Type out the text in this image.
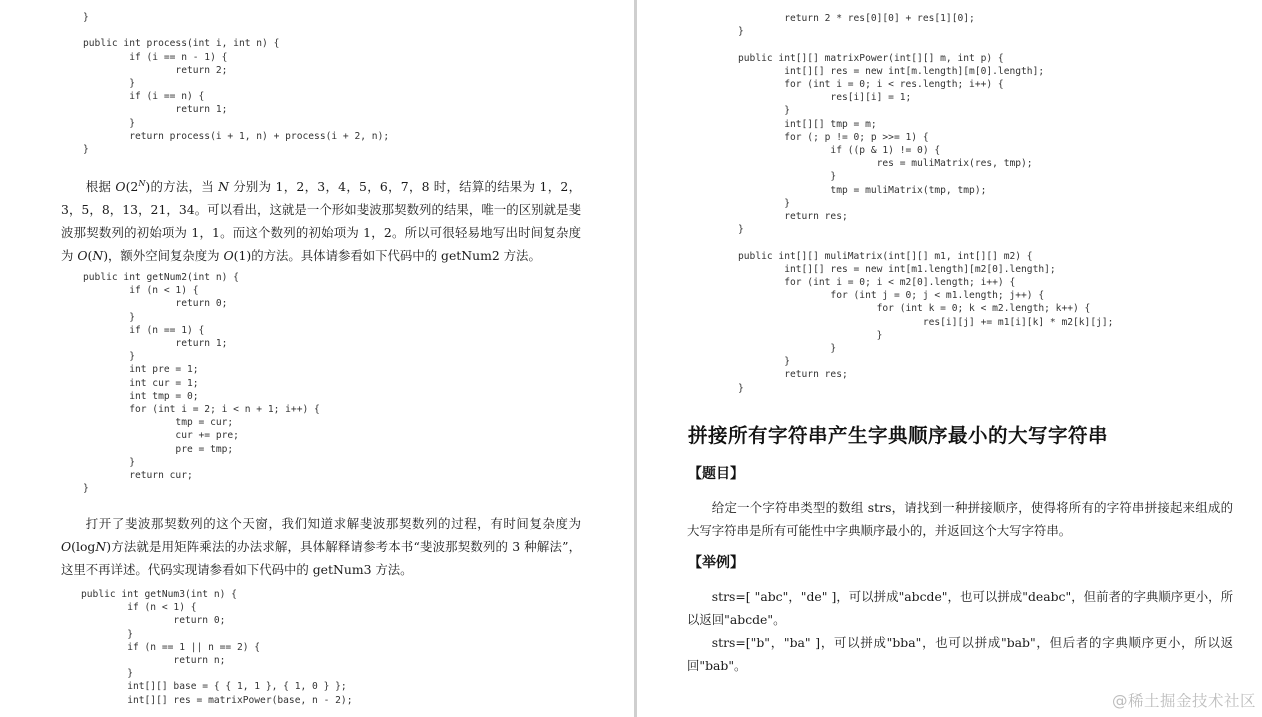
}

public int process(int i, int n) {
if (i == n - 1) {
return 2;
}
if (i == n) {
return 1;
}
return process(i + 1, n) + process(i + 2, n);
}

根据 $O(2^N)$的方法，当 N 分别为 1，2，3，4，5，6，7，8 时，结算的结果为 1，2，3，5，8，13，21，34。可以看出，这就是一个形如斐波那契数列的结果，唯一的区别就是斐波那契数列的初始项为 1，1。而这个数列的初始项为 1，2。所以可很轻易地写出时间复杂度为 O(N)，额外空间复杂度为 O(1)的方法。具体请参看如下代码中的 getNum2 方法。

public int getNum2(int n) {
if (n < 1) {
return 0;
}
if (n == 1) {
return 1;
}
int pre = 1;
int cur = 1;
int tmp = 0;
for (int i = 2; i < n + 1; i++) {
tmp = cur;
cur += pre;
pre = tmp;
}
return cur;
}

打开了斐波那契数列的这个天窗，我们知道求解斐波那契数列的过程，有时间复杂度为 O(logN)方法就是用矩阵乘法的办法求解，具体解释请参考本书“斐波那契数列的 3 种解法”，这里不再详述。代码实现请参看如下代码中的 getNum3 方法。

public int getNum3(int n) {
if (n < 1) {
return 0;
}
if (n == 1 || n == 2) {
return n;
}
int[][] base = { { 1, 1 }, { 1, 0 } };
int[][] res = matrixPower(base, n - 2);
return 2 * res[0][0] + res[1][0];
}

public int[][] matrixPower(int[][] m, int p) {
int[][] res = new int[m.length][m[0].length];
for (int i = 0; i < res.length; i++) {
res[i][i] = 1;
}
int[][] tmp = m;
for (; p != 0; p >>= 1) {
if ((p & 1) != 0) {
res = muliMatrix(res, tmp);
}
tmp = muliMatrix(tmp, tmp);
}
return res;
}

public int[][] muliMatrix(int[][] m1, int[][] m2) {
int[][] res = new int[m1.length][m2[0].length];
for (int i = 0; i < m2[0].length; i++) {
for (int j = 0; j < m1.length; j++) {
for (int k = 0; k < m2.length; k++) {
res[i][j] += m1[i][k] * m2[k][j];
}
}
}
return res;
}
拼接所有字符串产生字典顺序最小的大写字符串
【题目】

给定一个字符串类型的数组 strs，请找到一种拼接顺序，使得将所有的字符串拼接起来组成的大写字符串是所有可能性中字典顺序最小的，并返回这个大写字符串。

【举例】

strs=[ "abc"，"de" ]，可以拼成"abcde"，也可以拼成"deabc"，但前者的字典顺序更小，所以返回"abcde"。

strs=["b"，"ba" ]，可以拼成"bba"，也可以拼成"bab"，但后者的字典顺序更小，所以返回"bab"。

@稀土掘金技术社区
